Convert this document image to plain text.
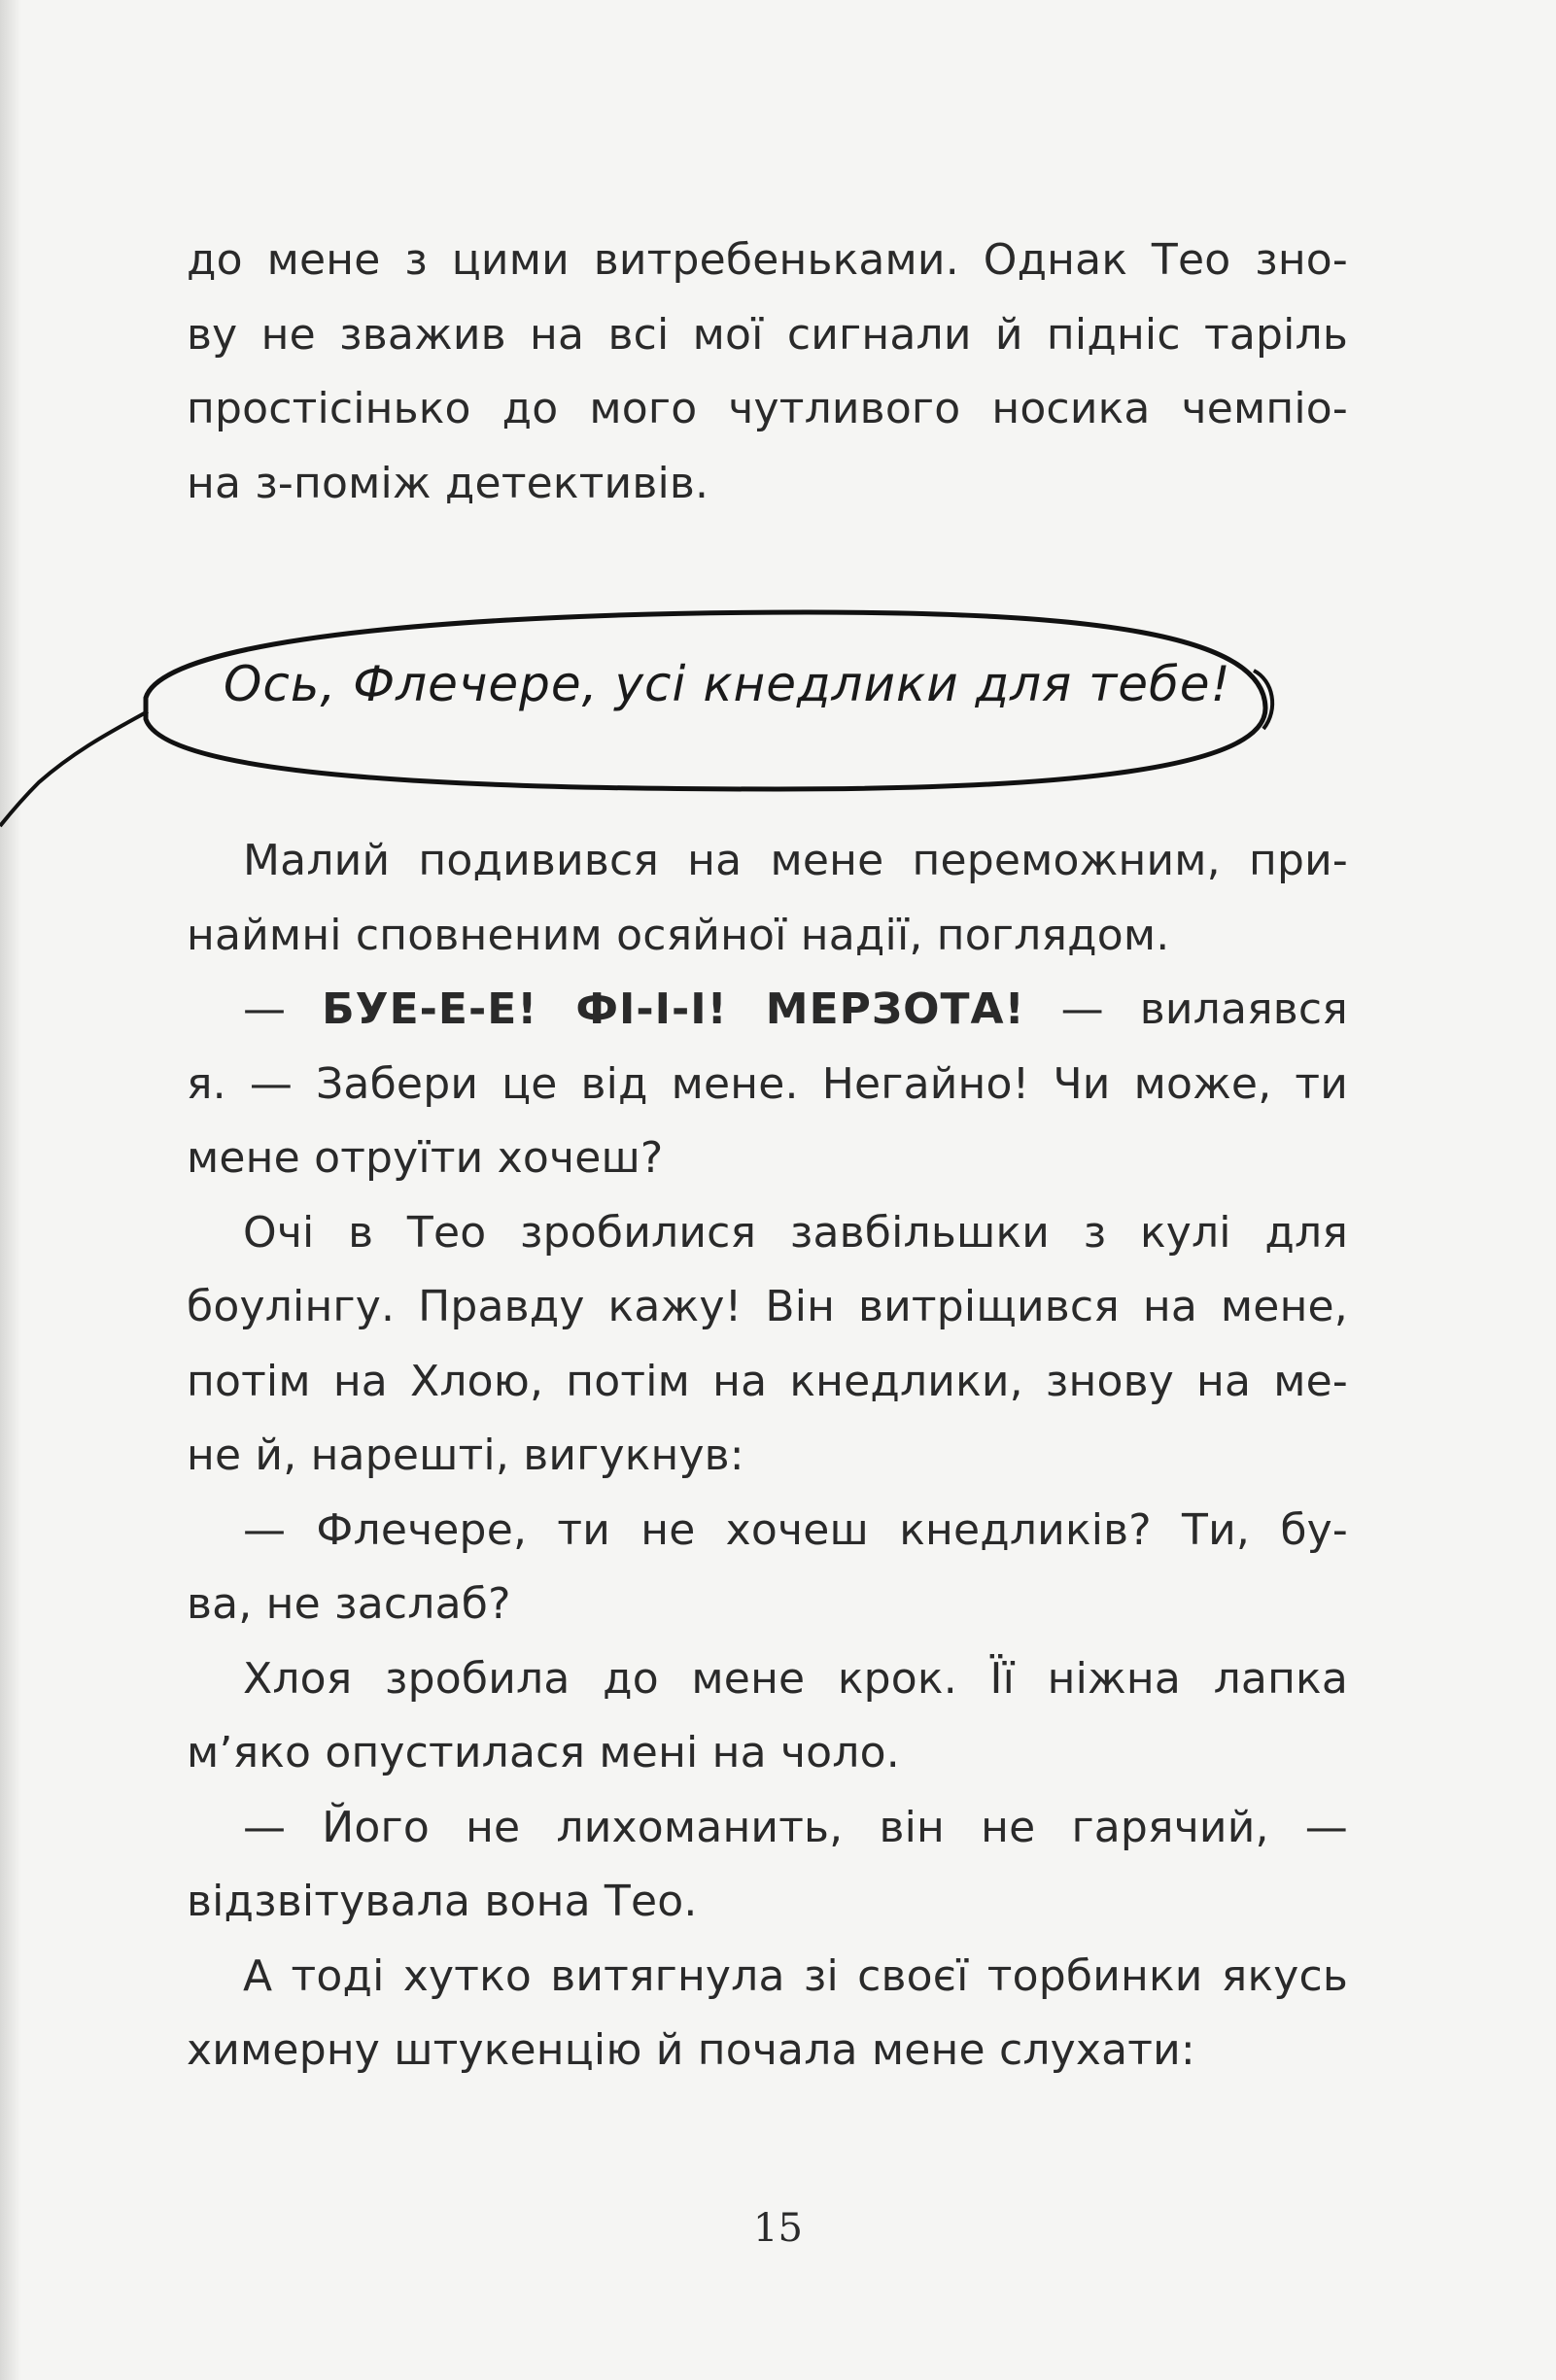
до мене з цими витребеньками. Однак Тео зно-

ву не зважив на всі мої сигнали й підніс таріль

простісінько до мого чутливого носика чемпіо-

на з-поміж детективів.

Ось, Флечере, усі кнедлики для тебе!

Малий подивився на мене переможним, при-

наймні сповненим осяйної надії, поглядом.

— БУЕ-Е-Е! ФІ-І-І! МЕРЗОТА! — вилаявся

я. — Забери це від мене. Негайно! Чи може, ти

мене отруїти хочеш?

Очі в Тео зробилися завбільшки з кулі для

боулінгу. Правду кажу! Він витріщився на мене,

потім на Хлою, потім на кнедлики, знову на ме-

не й, нарешті, вигукнув:

— Флечере, ти не хочеш кнедликів? Ти, бу-

ва, не заслаб?

Хлоя зробила до мене крок. Її ніжна лапка

м’яко опустилася мені на чоло.

— Його не лихоманить, він не гарячий, —

відзвітувала вона Тео.

А тоді хутко витягнула зі своєї торбинки якусь

химерну штукенцію й почала мене слухати:

15
